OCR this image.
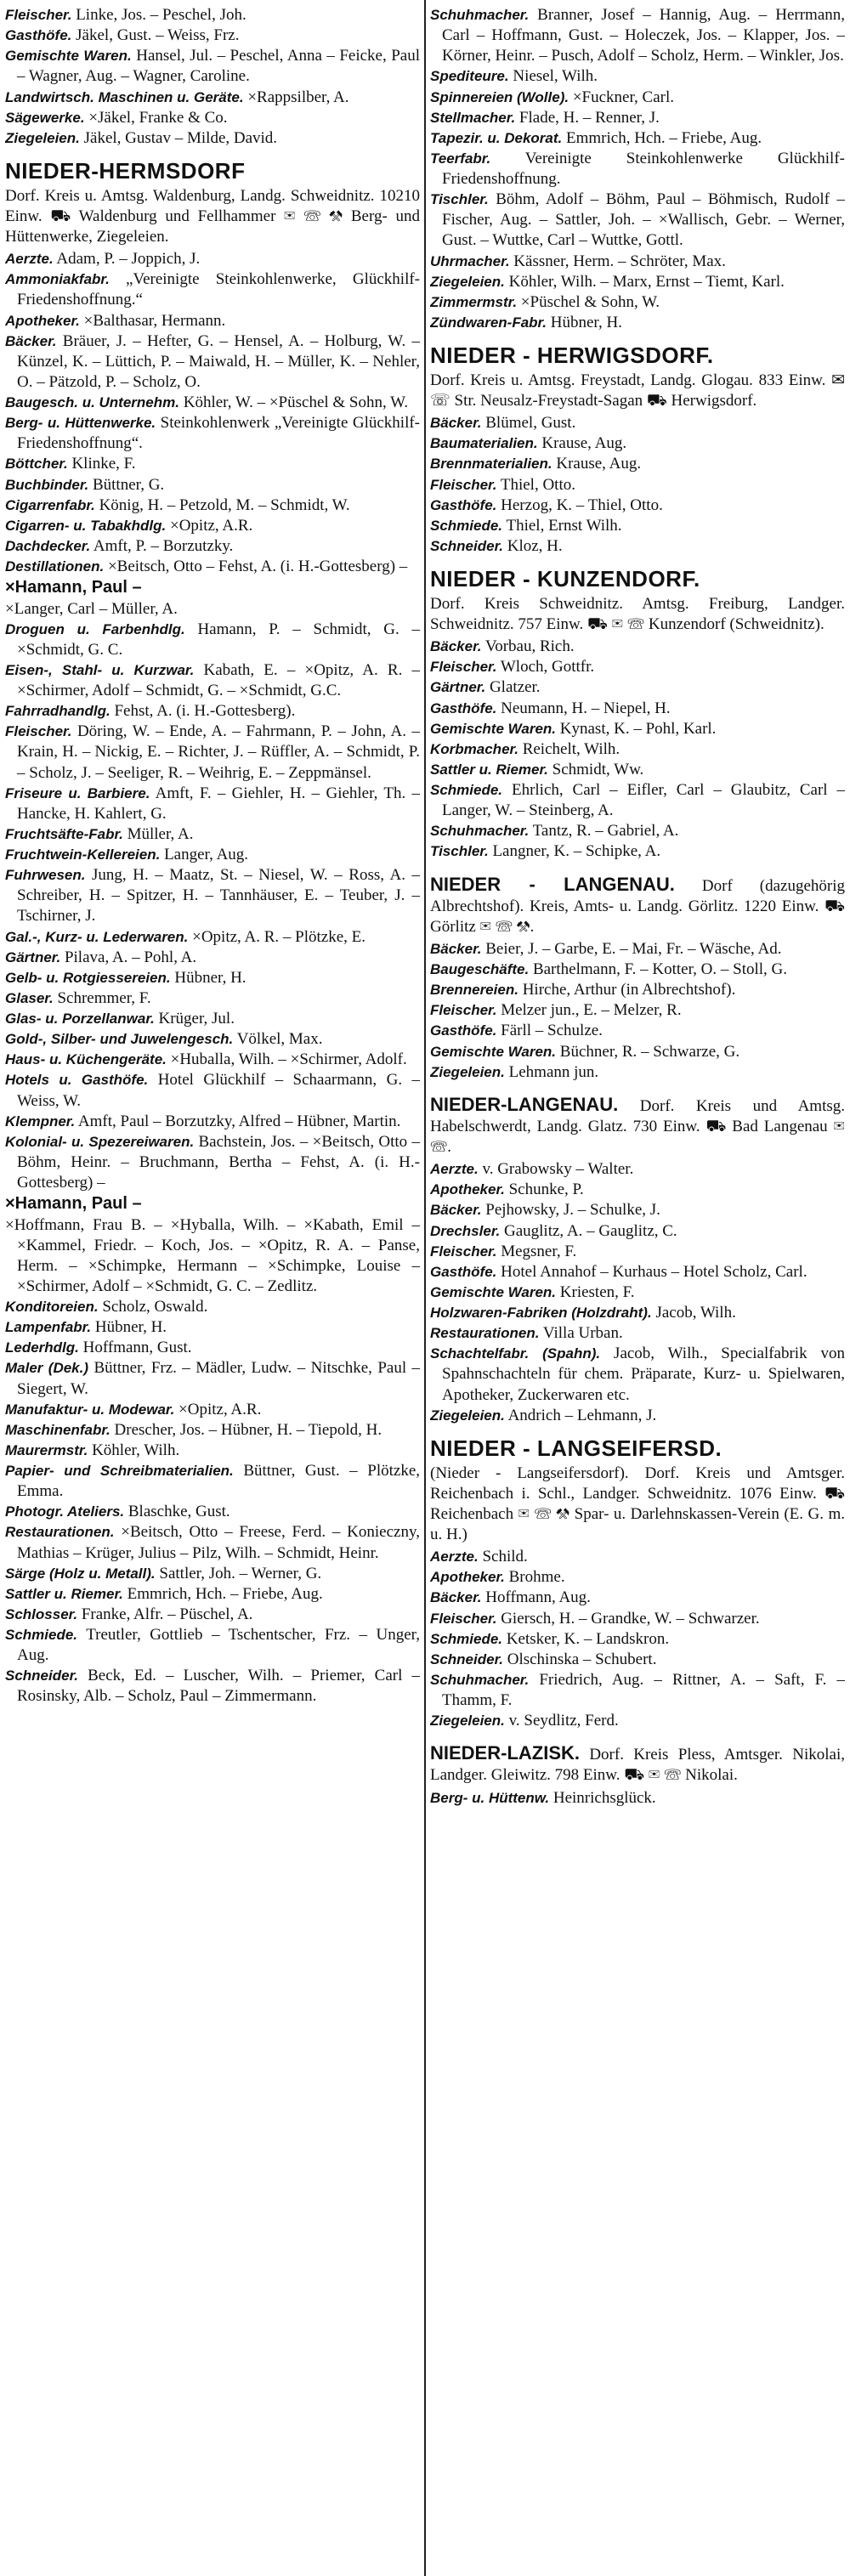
Fleischer. Linke, Jos. – Peschel, Joh.

Gasthöfe. Jäkel, Gust. – Weiss, Frz.

Gemischte Waren. Hansel, Jul. – Peschel, Anna – Feicke, Paul – Wagner, Aug. – Wagner, Caroline.

Landwirtsch. Maschinen u. Geräte. ×Rappsilber, A.

Sägewerke. ×Jäkel, Franke & Co.

Ziegeleien. Jäkel, Gustav – Milde, David.

NIEDER-HERMSDORF

Dorf. Kreis u. Amtsg. Waldenburg, Landg. Schweidnitz. 10210 Einw. ⛟ Waldenburg und Fellhammer ✉ ☏ ⚒ Berg- und Hüttenwerke, Ziegeleien.

Aerzte. Adam, P. – Joppich, J.

Ammoniakfabr. „Vereinigte Steinkohlenwerke, Glückhilf-Friedenshoffnung.“

Apotheker. ×Balthasar, Hermann.

Bäcker. Bräuer, J. – Hefter, G. – Hensel, A. – Holburg, W. – Künzel, K. – Lüttich, P. – Maiwald, H. – Müller, K. – Nehler, O. – Pätzold, P. – Scholz, O.

Baugesch. u. Unternehm. Köhler, W. – ×Püschel & Sohn, W.

Berg- u. Hüttenwerke. Steinkohlenwerk „Vereinigte Glückhilf-Friedenshoffnung“.

Böttcher. Klinke, F.

Buchbinder. Büttner, G.

Cigarrenfabr. König, H. – Petzold, M. – Schmidt, W.

Cigarren- u. Tabakhdlg. ×Opitz, A.R.

Dachdecker. Amft, P. – Borzutzky.

Destillationen. ×Beitsch, Otto – Fehst, A. (i. H.-Gottesberg) –

×Hamann, Paul –

×Langer, Carl – Müller, A.

Droguen u. Farbenhdlg. Hamann, P. – Schmidt, G. – ×Schmidt, G. C.

Eisen-, Stahl- u. Kurzwar. Kabath, E. – ×Opitz, A. R. – ×Schirmer, Adolf – Schmidt, G. – ×Schmidt, G.C.

Fahrradhandlg. Fehst, A. (i. H.-Gottesberg).

Fleischer. Döring, W. – Ende, A. – Fahrmann, P. – John, A. – Krain, H. – Nickig, E. – Richter, J. – Rüffler, A. – Schmidt, P. – Scholz, J. – Seeliger, R. – Weihrig, E. – Zeppmänsel.

Friseure u. Barbiere. Amft, F. – Giehler, H. – Giehler, Th. – Hancke, H. Kahlert, G.

Fruchtsäfte-Fabr. Müller, A.

Fruchtwein-Kellereien. Langer, Aug.

Fuhrwesen. Jung, H. – Maatz, St. – Niesel, W. – Ross, A. – Schreiber, H. – Spitzer, H. – Tannhäuser, E. – Teuber, J. – Tschirner, J.

Gal.-, Kurz- u. Lederwaren. ×Opitz, A. R. – Plötzke, E.

Gärtner. Pilava, A. – Pohl, A.

Gelb- u. Rotgiessereien. Hübner, H.

Glaser. Schremmer, F.

Glas- u. Porzellanwar. Krüger, Jul.

Gold-, Silber- und Juwelengesch. Völkel, Max.

Haus- u. Küchengeräte. ×Huballa, Wilh. – ×Schirmer, Adolf.

Hotels u. Gasthöfe. Hotel Glückhilf – Schaarmann, G. – Weiss, W.

Klempner. Amft, Paul – Borzutzky, Alfred – Hübner, Martin.

Kolonial- u. Spezereiwaren. Bachstein, Jos. – ×Beitsch, Otto – Böhm, Heinr. – Bruchmann, Bertha – Fehst, A. (i. H.-Gottesberg) –

×Hamann, Paul –

×Hoffmann, Frau B. – ×Hyballa, Wilh. – ×Kabath, Emil – ×Kammel, Friedr. – Koch, Jos. – ×Opitz, R. A. – Panse, Herm. – ×Schimpke, Hermann – ×Schimpke, Louise – ×Schirmer, Adolf – ×Schmidt, G. C. – Zedlitz.

Konditoreien. Scholz, Oswald.

Lampenfabr. Hübner, H.

Lederhdlg. Hoffmann, Gust.

Maler (Dek.) Büttner, Frz. – Mädler, Ludw. – Nitschke, Paul – Siegert, W.

Manufaktur- u. Modewar. ×Opitz, A.R.

Maschinenfabr. Drescher, Jos. – Hübner, H. – Tiepold, H.

Maurermstr. Köhler, Wilh.

Papier- und Schreibmaterialien. Büttner, Gust. – Plötzke, Emma.

Photogr. Ateliers. Blaschke, Gust.

Restaurationen. ×Beitsch, Otto – Freese, Ferd. – Konieczny, Mathias – Krüger, Julius – Pilz, Wilh. – Schmidt, Heinr.

Särge (Holz u. Metall). Sattler, Joh. – Werner, G.

Sattler u. Riemer. Emmrich, Hch. – Friebe, Aug.

Schlosser. Franke, Alfr. – Püschel, A.

Schmiede. Treutler, Gottlieb – Tschentscher, Frz. – Unger, Aug.

Schneider. Beck, Ed. – Luscher, Wilh. – Priemer, Carl – Rosinsky, Alb. – Scholz, Paul – Zimmermann.

Schuhmacher. Branner, Josef – Hannig, Aug. – Herrmann, Carl – Hoffmann, Gust. – Holeczek, Jos. – Klapper, Jos. – Körner, Heinr. – Pusch, Adolf – Scholz, Herm. – Winkler, Jos.

Spediteure. Niesel, Wilh.

Spinnereien (Wolle). ×Fuckner, Carl.

Stellmacher. Flade, H. – Renner, J.

Tapezir. u. Dekorat. Emmrich, Hch. – Friebe, Aug.

Teerfabr. Vereinigte Steinkohlenwerke Glückhilf-Friedenshoffnung.

Tischler. Böhm, Adolf – Böhm, Paul – Böhmisch, Rudolf – Fischer, Aug. – Sattler, Joh. – ×Wallisch, Gebr. – Werner, Gust. – Wuttke, Carl – Wuttke, Gottl.

Uhrmacher. Kässner, Herm. – Schröter, Max.

Ziegeleien. Köhler, Wilh. – Marx, Ernst – Tiemt, Karl.

Zimmermstr. ×Püschel & Sohn, W.

Zündwaren-Fabr. Hübner, H.

NIEDER - HERWIGSDORF.

Dorf. Kreis u. Amtsg. Freystadt, Landg. Glogau. 833 Einw. ✉ ☏ Str. Neusalz-Freystadt-Sagan ⛟ Herwigsdorf.

Bäcker. Blümel, Gust.

Baumaterialien. Krause, Aug.

Brennmaterialien. Krause, Aug.

Fleischer. Thiel, Otto.

Gasthöfe. Herzog, K. – Thiel, Otto.

Schmiede. Thiel, Ernst Wilh.

Schneider. Kloz, H.

NIEDER - KUNZENDORF.

Dorf. Kreis Schweidnitz. Amtsg. Freiburg, Landger. Schweidnitz. 757 Einw. ⛟ ✉ ☏ Kunzendorf (Schweidnitz).

Bäcker. Vorbau, Rich.

Fleischer. Wloch, Gottfr.

Gärtner. Glatzer.

Gasthöfe. Neumann, H. – Niepel, H.

Gemischte Waren. Kynast, K. – Pohl, Karl.

Korbmacher. Reichelt, Wilh.

Sattler u. Riemer. Schmidt, Ww.

Schmiede. Ehrlich, Carl – Eifler, Carl – Glaubitz, Carl – Langer, W. – Steinberg, A.

Schuhmacher. Tantz, R. – Gabriel, A.

Tischler. Langner, K. – Schipke, A.

NIEDER - LANGENAU. Dorf (dazugehörig Albrechtshof). Kreis, Amts- u. Landg. Görlitz. 1220 Einw. ⛟ Görlitz ✉ ☏ ⚒.

Bäcker. Beier, J. – Garbe, E. – Mai, Fr. – Wäsche, Ad.

Baugeschäfte. Barthelmann, F. – Kotter, O. – Stoll, G.

Brennereien. Hirche, Arthur (in Albrechtshof).

Fleischer. Melzer jun., E. – Melzer, R.

Gasthöfe. Färll – Schulze.

Gemischte Waren. Büchner, R. – Schwarze, G.

Ziegeleien. Lehmann jun.

NIEDER-LANGENAU. Dorf. Kreis und Amtsg. Habelschwerdt, Landg. Glatz. 730 Einw. ⛟ Bad Langenau ✉ ☏.

Aerzte. v. Grabowsky – Walter.

Apotheker. Schunke, P.

Bäcker. Pejhowsky, J. – Schulke, J.

Drechsler. Gauglitz, A. – Gauglitz, C.

Fleischer. Megsner, F.

Gasthöfe. Hotel Annahof – Kurhaus – Hotel Scholz, Carl.

Gemischte Waren. Kriesten, F.

Holzwaren-Fabriken (Holzdraht). Jacob, Wilh.

Restaurationen. Villa Urban.

Schachtelfabr. (Spahn). Jacob, Wilh., Specialfabrik von Spahnschachteln für chem. Präparate, Kurz- u. Spielwaren, Apotheker, Zuckerwaren etc.

Ziegeleien. Andrich – Lehmann, J.

NIEDER - LANGSEIFERSD.

(Nieder - Langseifersdorf). Dorf. Kreis und Amtsger. Reichenbach i. Schl., Landger. Schweidnitz. 1076 Einw. ⛟ Reichenbach ✉ ☏ ⚒ Spar- u. Darlehnskassen-Verein (E. G. m. u. H.)

Aerzte. Schild.

Apotheker. Brohme.

Bäcker. Hoffmann, Aug.

Fleischer. Giersch, H. – Grandke, W. – Schwarzer.

Schmiede. Ketsker, K. – Landskron.

Schneider. Olschinska – Schubert.

Schuhmacher. Friedrich, Aug. – Rittner, A. – Saft, F. – Thamm, F.

Ziegeleien. v. Seydlitz, Ferd.

NIEDER-LAZISK. Dorf. Kreis Pless, Amtsger. Nikolai, Landger. Gleiwitz. 798 Einw. ⛟ ✉ ☏ Nikolai.

Berg- u. Hüttenw. Heinrichsglück.
